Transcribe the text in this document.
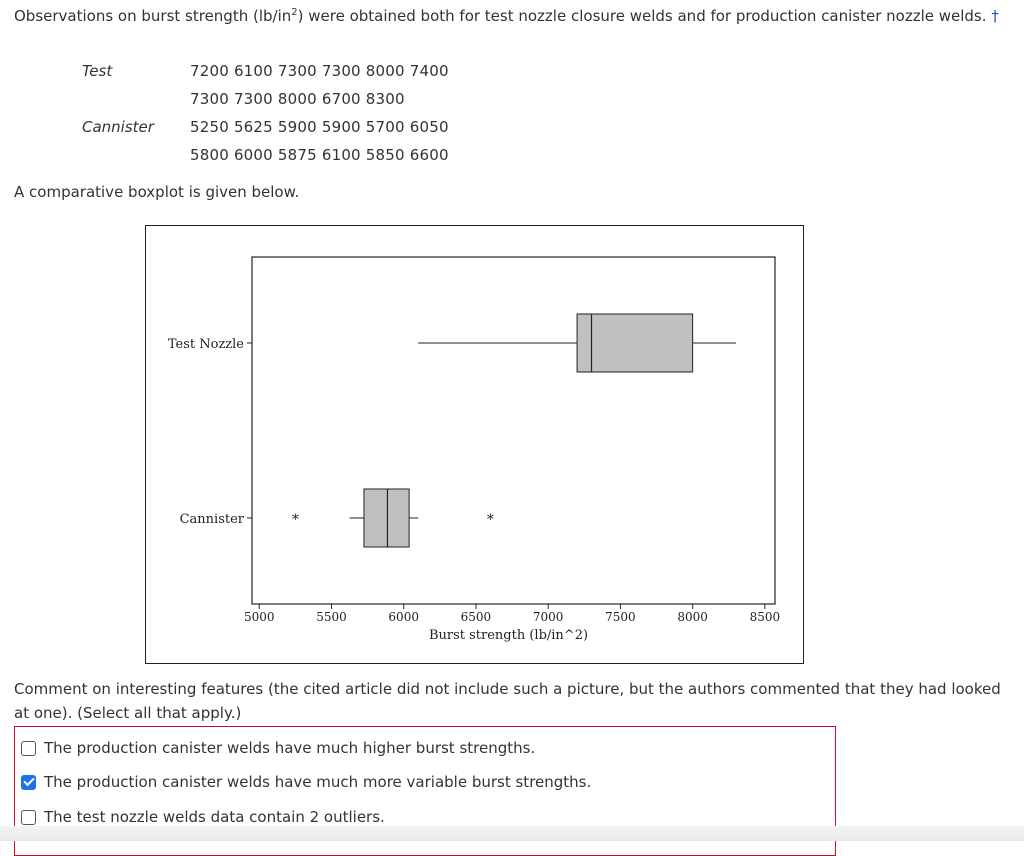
Observations on burst strength $(lb/in^2)$ were obtained both for test nozzle closure welds and for production canister nozzle welds. †
Test	7200 6100 7300 7300 8000 7400
7300 7300 8000 6700 8300
Cannister 5250 5625 5900 5900 5700 6050
5800 6000 5875 6100 5850 6600
A comparative boxplot is given below.
Test Nozzle
Cannister	*	*
5000	5500	6000	6500	7000	7500	8000	8500
Burst strength (lb/in^2)
Comment on interesting features (the cited article did not include such a picture, but the authors commented that they had looked at one). (Select all that apply.)
The production canister welds have much higher burst strengths.
The production canister welds have much more variable burst strengths.
The test nozzle welds data contain 2 outliers.
